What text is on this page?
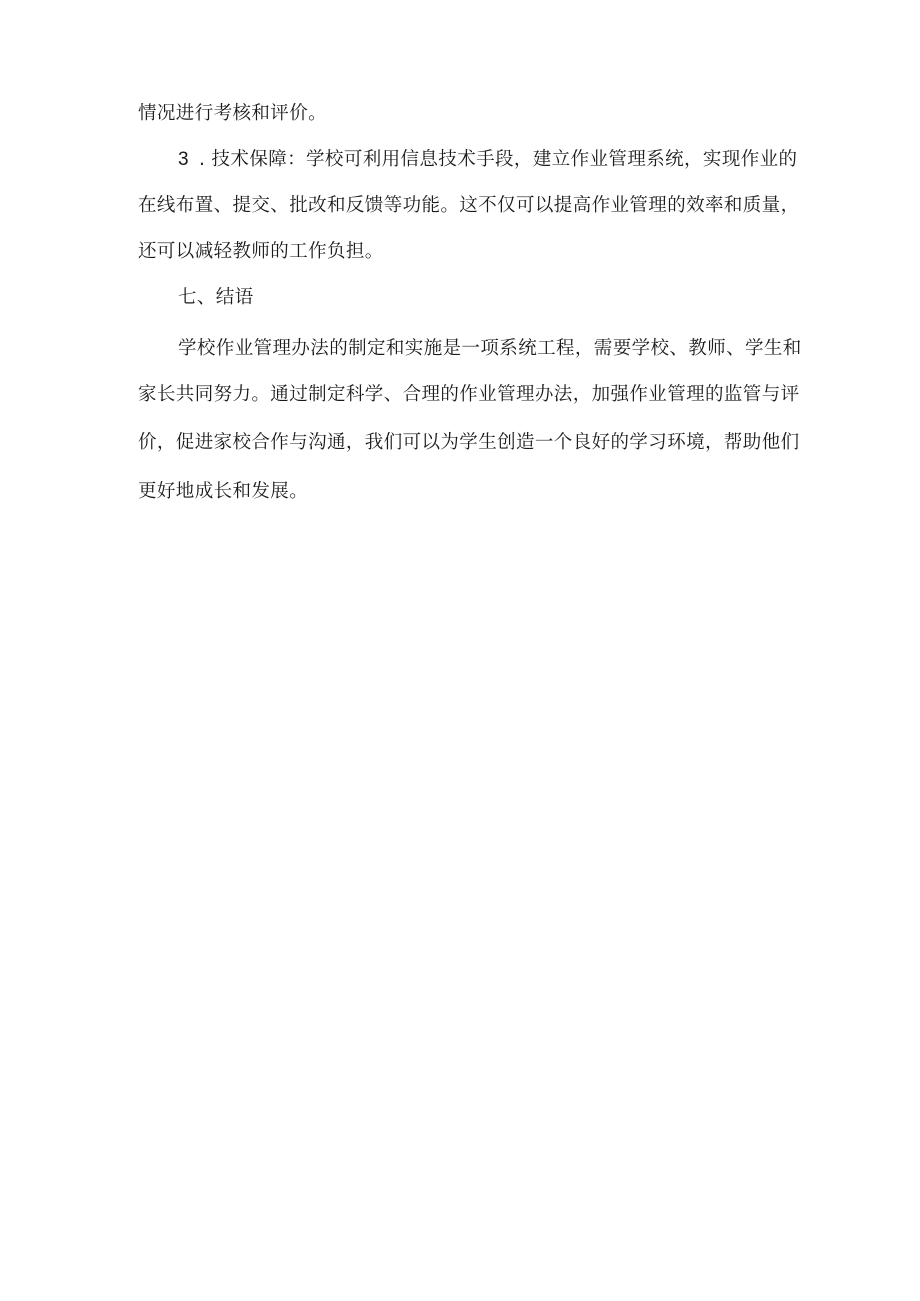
情况进行考核和评价。
3 . 技术保障：学校可利用信息技术手段，建立作业管理系统，实现作业的
在线布置、提交、批改和反馈等功能。这不仅可以提高作业管理的效率和质量，
还可以减轻教师的工作负担。
七、结语
学校作业管理办法的制定和实施是一项系统工程，需要学校、教师、学生和
家长共同努力。通过制定科学、合理的作业管理办法，加强作业管理的监管与评
价，促进家校合作与沟通，我们可以为学生创造一个良好的学习环境，帮助他们
更好地成长和发展。
